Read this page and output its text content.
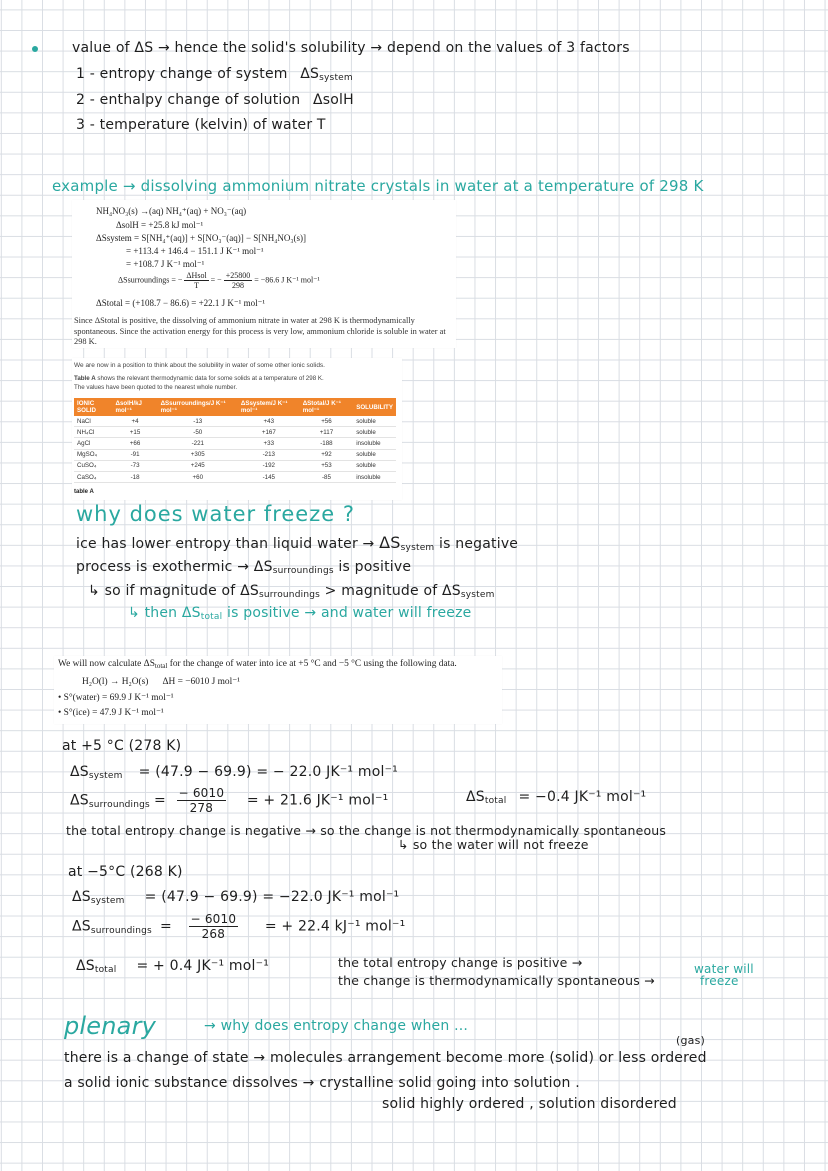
value of ΔS → hence the solid's solubility → depend on the values of 3 factors
1 - entropy change of system $\Delta S_{system}$
2 - enthalpy change of solution ΔsolH
3 - temperature (kelvin) of water T
example → dissolving ammonium nitrate crystals in water at a temperature of 298 K
NH₄NO₃(s) →(aq) NH₄⁺(aq) + NO₃⁻(aq)
ΔsolH = +25.8 kJ mol⁻¹
ΔSsystem = S[NH₄⁺(aq)] + S[NO₃⁻(aq)] − S[NH₄NO₃(s)]
= +113.4 + 146.4 − 151.1 J K⁻¹ mol⁻¹
= +108.7 J K⁻¹ mol⁻¹
ΔSsurroundings = − $\frac{\text{ΔHsol}}{T}$ = − $\frac{+25800}{298} = -86.6$ J K⁻¹ mol⁻¹
ΔStotal = (+108.7 − 86.6) = +22.1 J K⁻¹ mol⁻¹
Since ΔStotal is positive, the dissolving of ammonium nitrate in water at 298 K is thermodynamically spontaneous. Since the activation energy for this process is very low, ammonium chloride is soluble in water at 298 K.
We are now in a position to think about the solubility in water of some other ionic solids.
Table A shows the relevant thermodynamic data for some solids at a temperature of 298 K.
The values have been quoted to the nearest whole number.
IONIC SOLID	ΔsolH/kJ mol⁻¹	ΔSsurroundings/J K⁻¹ mol⁻¹	ΔSsystem/J K⁻¹ mol⁻¹	ΔStotal/J K⁻¹ mol⁻¹	SOLUBILITY
NaCl	+4	-13	+43	+56	soluble
NH₄Cl	+15	-50	+167	+117	soluble
AgCl	+66	-221	+33	-188	insoluble
MgSO₄	-91	+305	-213	+92	soluble
CuSO₄	-73	+245	-192	+53	soluble
CaSO₄	-18	+60	-145	-85	insoluble
table A
why does water freeze ?
ice has lower entropy than liquid water → $\Delta S_{system}$ is negative
process is exothermic → $\Delta S_{surroundings}$ is positive
↳ so if magnitude of $\Delta S_{surroundings}$ > magnitude of $\Delta S_{system}$
↳ then $\Delta S_{total}$ is positive → and water will freeze
We will now calculate $\Delta S_{total}$ for the change of water into ice at +5 °C and −5 °C using the following data.
H₂O(l) → H₂O(s)      ΔH = −6010 J mol⁻¹
• S°(water) = 69.9 J K⁻¹ mol⁻¹
• S°(ice) = 47.9 J K⁻¹ mol⁻¹
at +5 °C (278 K)
$\Delta S_{system} = (47.9 - 69.9)$ = − 22.0 JK⁻¹ mol⁻¹
$\Delta S_{surroundings} = \frac{- 6010}{278}$ = + 21.6 JK⁻¹ mol⁻¹	$\Delta S_{total} = -0.4$ JK⁻¹ mol⁻¹
the total entropy change is negative → so the change is not thermodynamically spontaneous
↳ so the water will not freeze
at −5°C (268 K)
$\Delta S_{system} = (47.9 - 69.9) = -22.0$ JK⁻¹ mol⁻¹
$\Delta S_{surroundings} = \frac{- 6010}{268}$ = + 22.4 kJ⁻¹ mol⁻¹
$\Delta S_{total}$ = + 0.4 JK⁻¹ mol⁻¹	the total entropy change is positive →
the change is thermodynamically spontaneous →
water will
freeze
plenary	→ why does entropy change when ...
(gas)
there is a change of state → molecules arrangement become more (solid) or less ordered
a solid ionic substance dissolves → crystalline solid going into solution .
solid highly ordered , solution disordered
